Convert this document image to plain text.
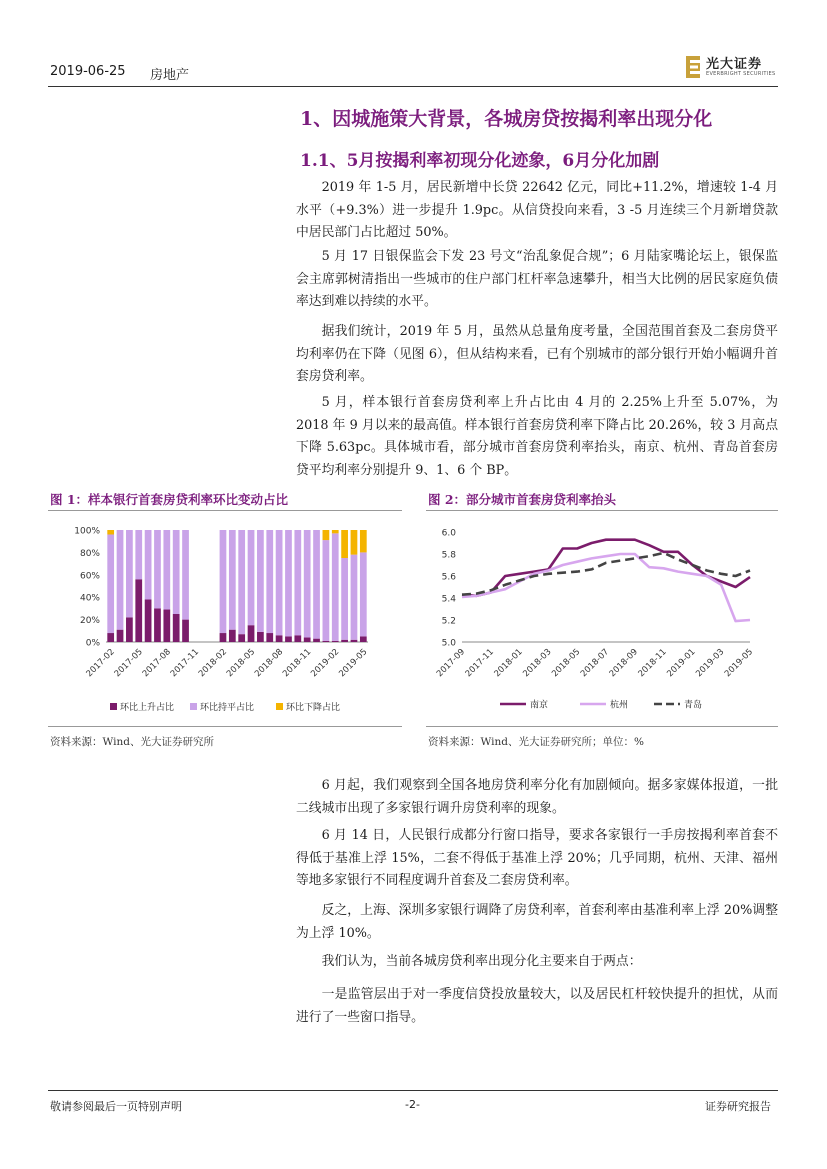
2019-06-25 房地产
光大证券
EVERBRIGHT SECURITIES
1、因城施策大背景，各城房贷按揭利率出现分化
1.1、5月按揭利率初现分化迹象，6月分化加剧

2019 年 1-5 月，居民新增中长贷 22642 亿元，同比+11.2%，增速较 1-4 月水平（+9.3%）进一步提升 1.9pc。从信贷投向来看，3 -5 月连续三个月新增贷款中居民部门占比超过 50%。

5 月 17 日银保监会下发 23 号文“治乱象促合规”；6 月陆家嘴论坛上，银保监会主席郭树清指出一些城市的住户部门杠杆率急速攀升，相当大比例的居民家庭负债率达到难以持续的水平。

据我们统计，2019 年 5 月，虽然从总量角度考量，全国范围首套及二套房贷平均利率仍在下降（见图 6），但从结构来看，已有个别城市的部分银行开始小幅调升首套房贷利率。

5 月，样本银行首套房贷利率上升占比由 4 月的 2.25%上升至 5.07%，为 2018 年 9 月以来的最高值。样本银行首套房贷利率下降占比 20.26%，较 3 月高点下降 5.63pc。具体城市看，部分城市首套房贷利率抬头，南京、杭州、青岛首套房贷平均利率分别提升 9、1、6 个 BP。

图 1：样本银行首套房贷利率环比变动占比	图 2：部分城市首套房贷利率抬头
0%
20%
40%
60%
80%
100%
2017-02
2017-05
2017-08
2017-11
2018-02
2018-05
2018-08
2018-11
2019-02
2019-05
环比上升占比	环比持平占比	环比下降占比
5.0
5.2
5.4
5.6
5.8
6.0
2017-09
2017-11
2018-01
2018-03
2018-05
2018-07
2018-09
2018-11
2019-01
2019-03
2019-05
南京	杭州	青岛
资料来源：Wind、光大证券研究所	资料来源：Wind、光大证券研究所；单位：%

6 月起，我们观察到全国各地房贷利率分化有加剧倾向。据多家媒体报道，一批二线城市出现了多家银行调升房贷利率的现象。

6 月 14 日，人民银行成都分行窗口指导，要求各家银行一手房按揭利率首套不得低于基准上浮 15%，二套不得低于基准上浮 20%；几乎同期，杭州、天津、福州等地多家银行不同程度调升首套及二套房贷利率。

反之，上海、深圳多家银行调降了房贷利率，首套利率由基准利率上浮 20%调整为上浮 10%。

我们认为，当前各城房贷利率出现分化主要来自于两点：

一是监管层出于对一季度信贷投放量较大，以及居民杠杆较快提升的担忧，从而进行了一些窗口指导。

敬请参阅最后一页特别声明	-2-	证券研究报告
